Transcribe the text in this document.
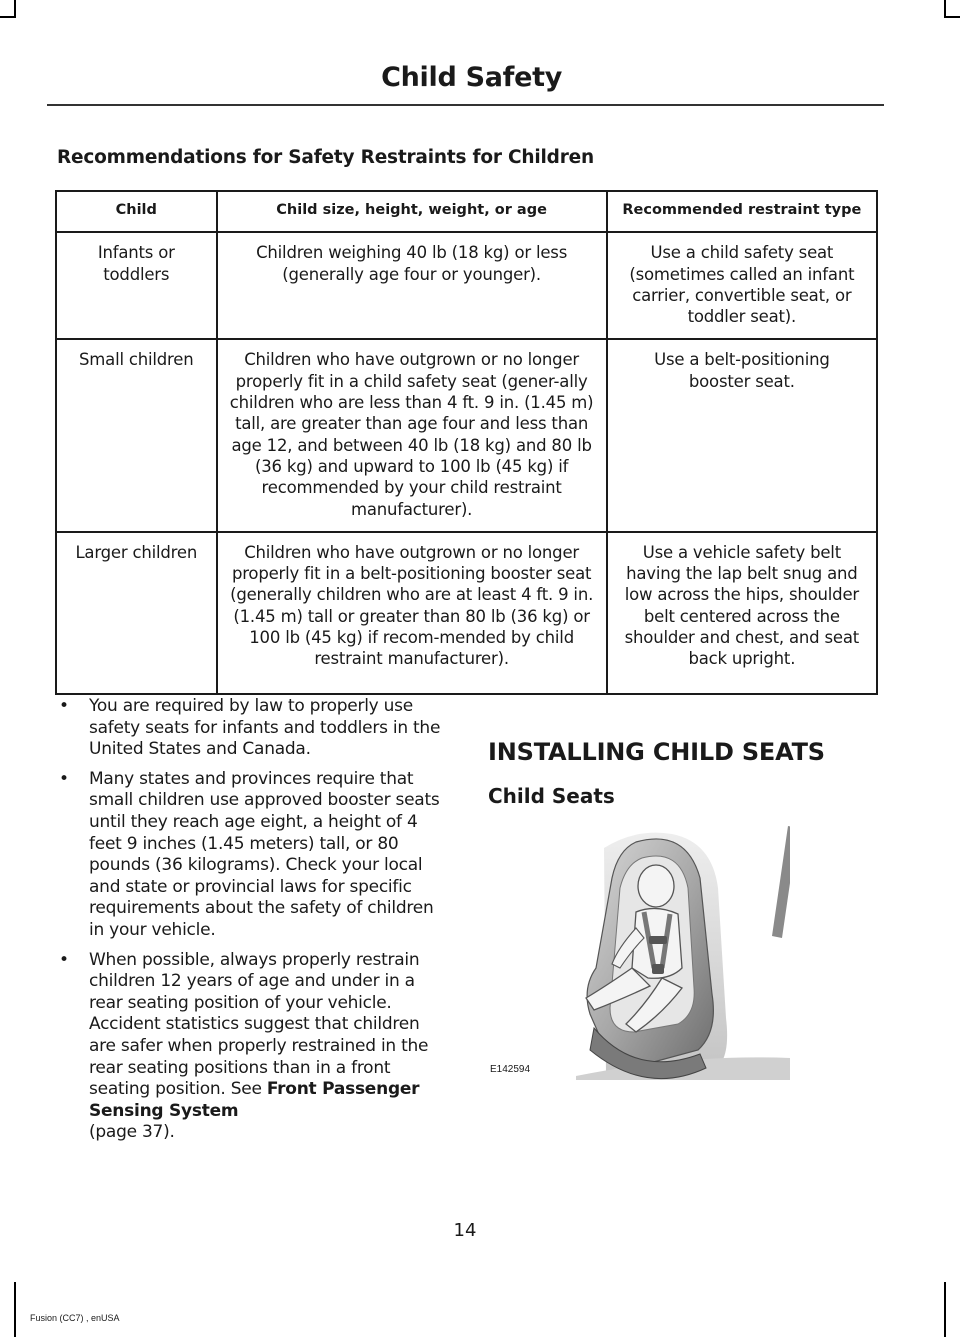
Child Safety
Recommendations for Safety Restraints for Children
Child	Child size, height, weight, or age	Recommended restraint type
Infants or toddlers	Children weighing 40 lb (18 kg) or less (generally age four or younger).	Use a child safety seat (sometimes called an infant carrier, convertible seat, or toddler seat).
Small children	Children who have outgrown or no longer properly fit in a child safety seat (gener-ally children who are less than 4 ft. 9 in. (1.45 m) tall, are greater than age four and less than age 12, and between 40 lb (18 kg) and 80 lb (36 kg) and upward to 100 lb (45 kg) if recommended by your child restraint manufacturer).	Use a belt-positioning booster seat.
Larger children	Children who have outgrown or no longer properly fit in a belt-positioning booster seat (generally children who are at least 4 ft. 9 in. (1.45 m) tall or greater than 80 lb (36 kg) or 100 lb (45 kg) if recom-mended by child restraint manufacturer).	Use a vehicle safety belt having the lap belt snug and low across the hips, shoulder belt centered across the shoulder and chest, and seat back upright.
• You are required by law to properly use safety seats for infants and toddlers in the United States and Canada.
• Many states and provinces require that small children use approved booster seats until they reach age eight, a height of 4 feet 9 inches (1.45 meters) tall, or 80 pounds (36 kilograms). Check your local and state or provincial laws for specific requirements about the safety of children in your vehicle.
• When possible, always properly restrain children 12 years of age and under in a rear seating position of your vehicle. Accident statistics suggest that children are safer when properly restrained in the rear seating positions than in a front seating position. See Front Passenger Sensing System
(page 37).
INSTALLING CHILD SEATS
Child Seats
E142594
14
Fusion (CC7) , enUSA
